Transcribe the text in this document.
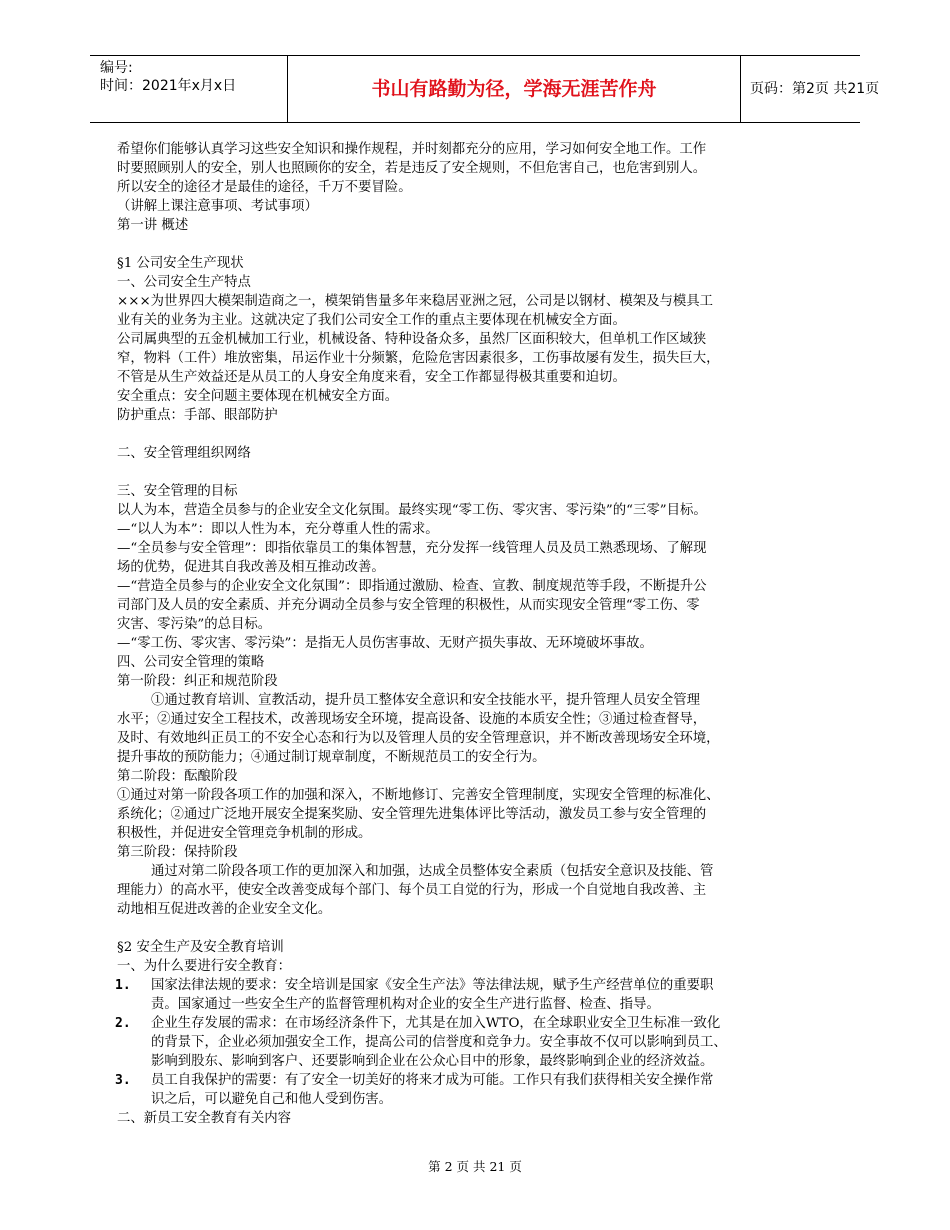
编号:
时间：2021年x月x日	书山有路勤为径，学海无涯苦作舟	页码：第2页 共21页
希望你们能够认真学习这些安全知识和操作规程，并时刻都充分的应用，学习如何安全地工作。工作
时要照顾别人的安全，别人也照顾你的安全，若是违反了安全规则，不但危害自己，也危害到别人。
所以安全的途径才是最佳的途径，千万不要冒险。
（讲解上课注意事项、考试事项）
第一讲 概述
§1 公司安全生产现状
一、公司安全生产特点
×××为世界四大模架制造商之一，模架销售量多年来稳居亚洲之冠，公司是以钢材、模架及与模具工
业有关的业务为主业。这就决定了我们公司安全工作的重点主要体现在机械安全方面。
公司属典型的五金机械加工行业，机械设备、特种设备众多，虽然厂区面积较大，但单机工作区域狭
窄，物料（工件）堆放密集，吊运作业十分频繁，危险危害因素很多，工伤事故屡有发生，损失巨大，
不管是从生产效益还是从员工的人身安全角度来看，安全工作都显得极其重要和迫切。
安全重点：安全问题主要体现在机械安全方面。
防护重点：手部、眼部防护
二、安全管理组织网络
三、安全管理的目标
以人为本，营造全员参与的企业安全文化氛围。最终实现“零工伤、零灾害、零污染”的“三零”目标。
—“以人为本”：即以人性为本，充分尊重人性的需求。
—“全员参与安全管理”：即指依靠员工的集体智慧，充分发挥一线管理人员及员工熟悉现场、了解现
场的优势，促进其自我改善及相互推动改善。
—“营造全员参与的企业安全文化氛围”：即指通过激励、检查、宣教、制度规范等手段，不断提升公
司部门及人员的安全素质、并充分调动全员参与安全管理的积极性，从而实现安全管理“零工伤、零
灾害、零污染”的总目标。
—“零工伤、零灾害、零污染”：是指无人员伤害事故、无财产损失事故、无环境破坏事故。
四、公司安全管理的策略
第一阶段：纠正和规范阶段
①通过教育培训、宣教活动，提升员工整体安全意识和安全技能水平，提升管理人员安全管理
水平；②通过安全工程技术，改善现场安全环境，提高设备、设施的本质安全性；③通过检查督导，
及时、有效地纠正员工的不安全心态和行为以及管理人员的安全管理意识，并不断改善现场安全环境，
提升事故的预防能力；④通过制订规章制度，不断规范员工的安全行为。
第二阶段：酝酿阶段
①通过对第一阶段各项工作的加强和深入，不断地修订、完善安全管理制度，实现安全管理的标准化、
系统化；②通过广泛地开展安全提案奖励、安全管理先进集体评比等活动，激发员工参与安全管理的
积极性，并促进安全管理竞争机制的形成。
第三阶段：保持阶段
通过对第二阶段各项工作的更加深入和加强，达成全员整体安全素质（包括安全意识及技能、管
理能力）的高水平，使安全改善变成每个部门、每个员工自觉的行为，形成一个自觉地自我改善、主
动地相互促进改善的企业安全文化。
§2 安全生产及安全教育培训
一、为什么要进行安全教育：
1.	国家法律法规的要求：安全培训是国家《安全生产法》等法律法规，赋予生产经营单位的重要职
责。国家通过一些安全生产的监督管理机构对企业的安全生产进行监督、检查、指导。
2.	企业生存发展的需求：在市场经济条件下，尤其是在加入WTO，在全球职业安全卫生标准一致化
的背景下，企业必须加强安全工作，提高公司的信誉度和竞争力。安全事故不仅可以影响到员工、
影响到股东、影响到客户、还要影响到企业在公众心目中的形象，最终影响到企业的经济效益。
3.	员工自我保护的需要：有了安全一切美好的将来才成为可能。工作只有我们获得相关安全操作常
识之后，可以避免自己和他人受到伤害。
二、新员工安全教育有关内容
第 2 页 共 21 页
